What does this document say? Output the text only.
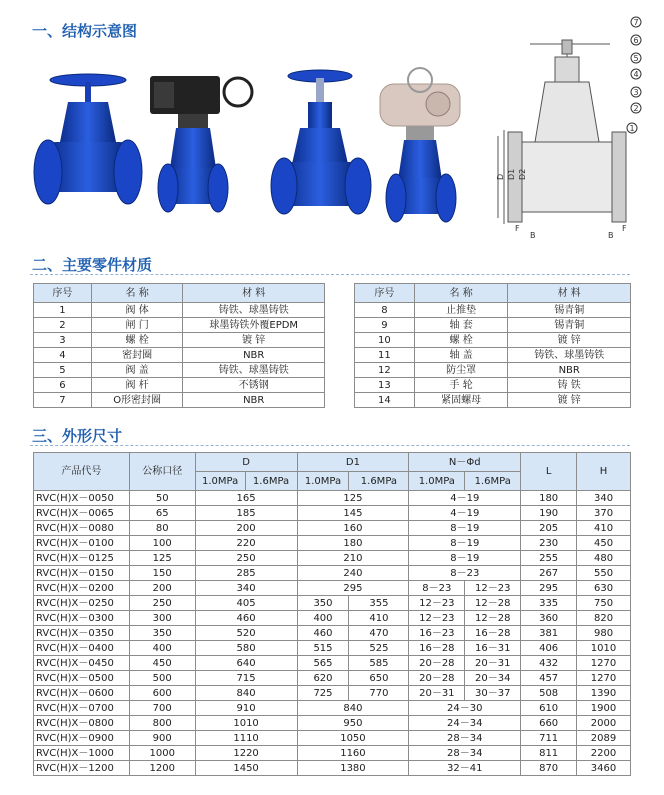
一、结构示意图
D D1 D2
F
B
F
B
7
6
5
4
3
2
1
二、主要零件材质
序号	名 称	材 料
1	阀 体	铸铁、球墨铸铁
2	闸 门	球墨铸铁外覆EPDM
3	螺 栓	镀 锌
4	密封圈	NBR
5	阀 盖	铸铁、球墨铸铁
6	阀 杆	不锈钢
7	O形密封圈	NBR
序号	名 称	材 料
8	止推垫	锡青铜
9	轴 套	锡青铜
10	螺 栓	镀 锌
11	轴 盖	铸铁、球墨铸铁
12	防尘罩	NBR
13	手 轮	铸 铁
14	紧固螺母	镀 锌
三、外形尺寸
产品代号	公称口径	D		D1		N－Φd		L	H
		1.0MPa	1.6MPa	1.0MPa	1.6MPa	1.0MPa	1.6MPa		
RVC(H)X－0050	50	165		125		4－19		180	340
RVC(H)X－0065	65	185		145		4－19		190	370
RVC(H)X－0080	80	200		160		8－19		205	410
RVC(H)X－0100	100	220		180		8－19		230	450
RVC(H)X－0125	125	250		210		8－19		255	480
RVC(H)X－0150	150	285		240		8－23		267	550
RVC(H)X－0200	200	340		295		8－23	12－23	295	630
RVC(H)X－0250	250	405		350	355	12－23	12－28	335	750
RVC(H)X－0300	300	460		400	410	12－23	12－28	360	820
RVC(H)X－0350	350	520		460	470	16－23	16－28	381	980
RVC(H)X－0400	400	580		515	525	16－28	16－31	406	1010
RVC(H)X－0450	450	640		565	585	20－28	20－31	432	1270
RVC(H)X－0500	500	715		620	650	20－28	20－34	457	1270
RVC(H)X－0600	600	840		725	770	20－31	30－37	508	1390
RVC(H)X－0700	700	910		840		24－30		610	1900
RVC(H)X－0800	800	1010		950		24－34		660	2000
RVC(H)X－0900	900	1110		1050		28－34		711	2089
RVC(H)X－1000	1000	1220		1160		28－34		811	2200
RVC(H)X－1200	1200	1450		1380		32－41		870	3460
